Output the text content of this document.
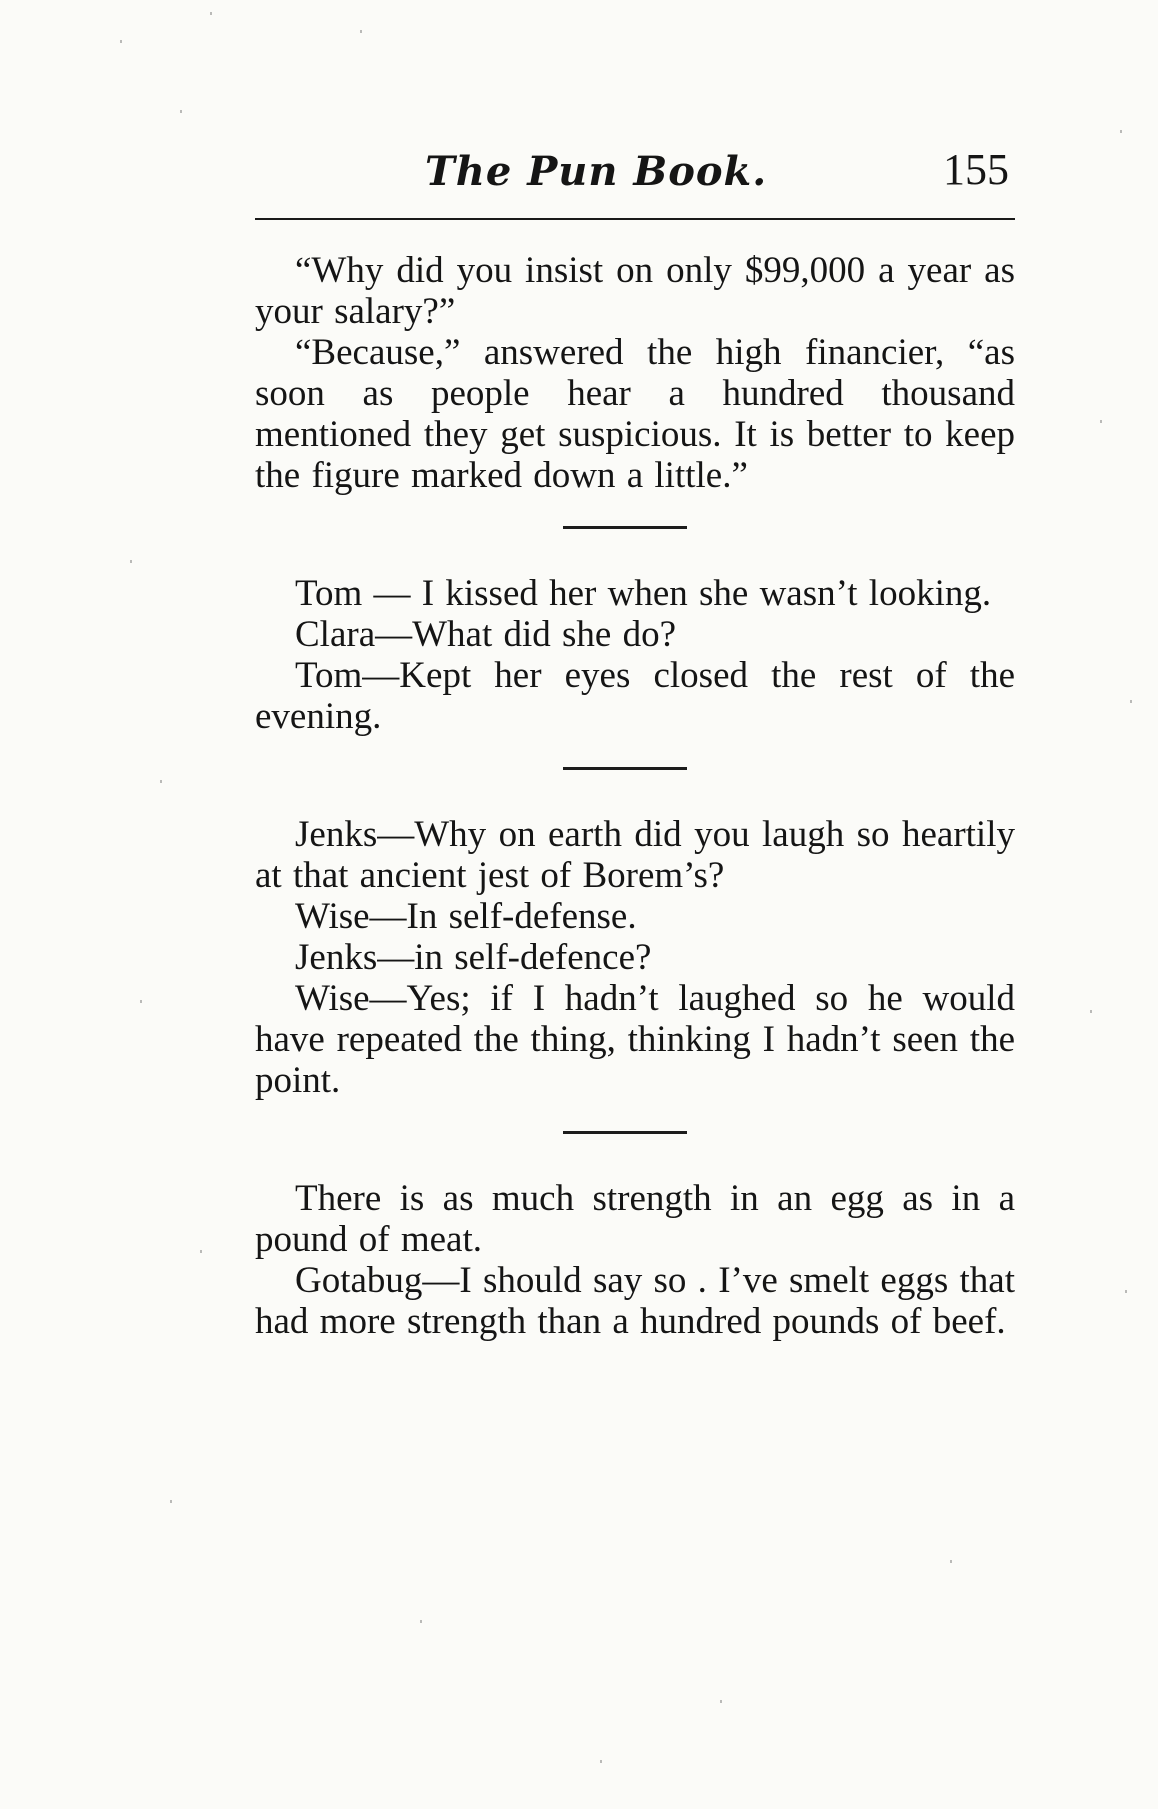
The Pun Book.	155

“Why did you insist on only $99,000 a year as your salary?”

“Because,” answered the high financier, “as soon as people hear a hundred thousand mentioned they get suspicious. It is better to keep the figure marked down a little.”

Tom — I kissed her when she wasn’t looking.

Clara—What did she do?

Tom—Kept her eyes closed the rest of the evening.

Jenks—Why on earth did you laugh so heartily at that ancient jest of Borem’s?

Wise—In self-defense.

Jenks—in self-defence?

Wise—Yes; if I hadn’t laughed so he would have repeated the thing, thinking I hadn’t seen the point.

There is as much strength in an egg as in a pound of meat.

Gotabug—I should say so . I’ve smelt eggs that had more strength than a hundred pounds of beef.
